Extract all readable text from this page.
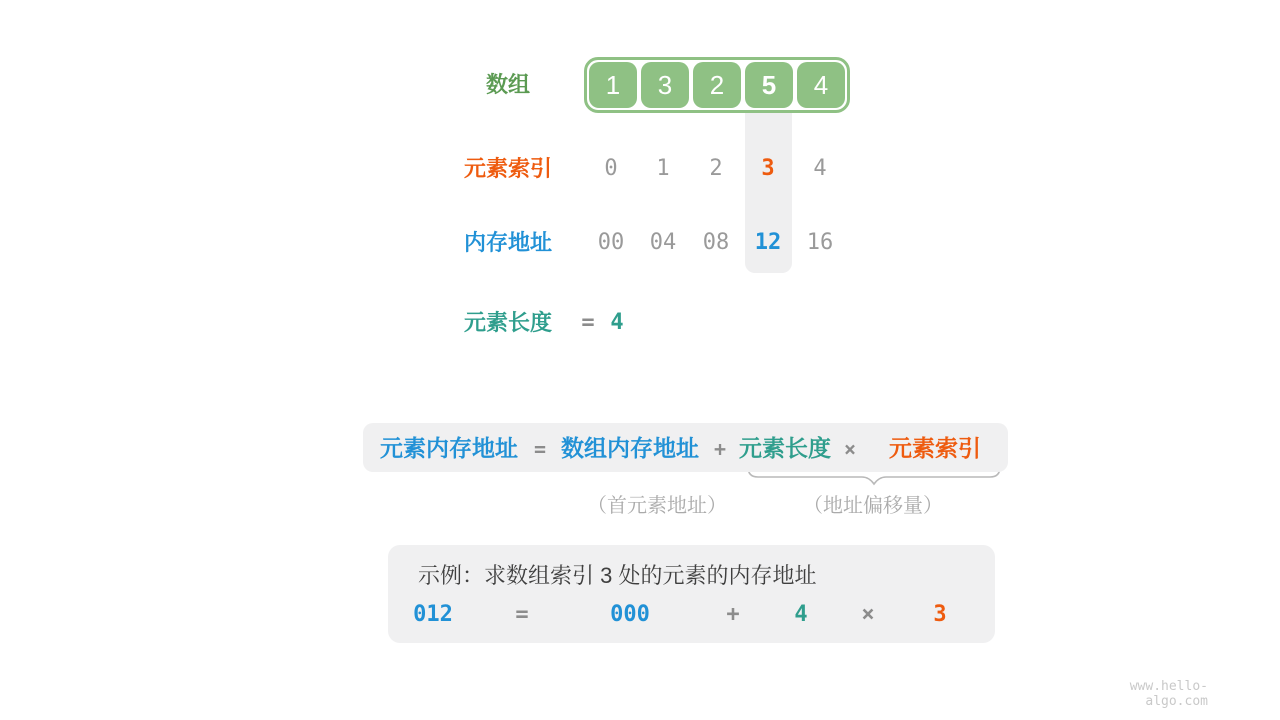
数组	1	3	2	5	4
元素索引	0 1 2 3 4
内存地址	00 04 08 12 16
元素长度	= 4
元素内存地址 = 数组内存地址 + 元素长度 × 元素索引
（首元素地址）	（地址偏移量）
示例：求数组索引 3 处的元素的内存地址
012	=	000	+ 4 ×	3
www.hello-algo.com
